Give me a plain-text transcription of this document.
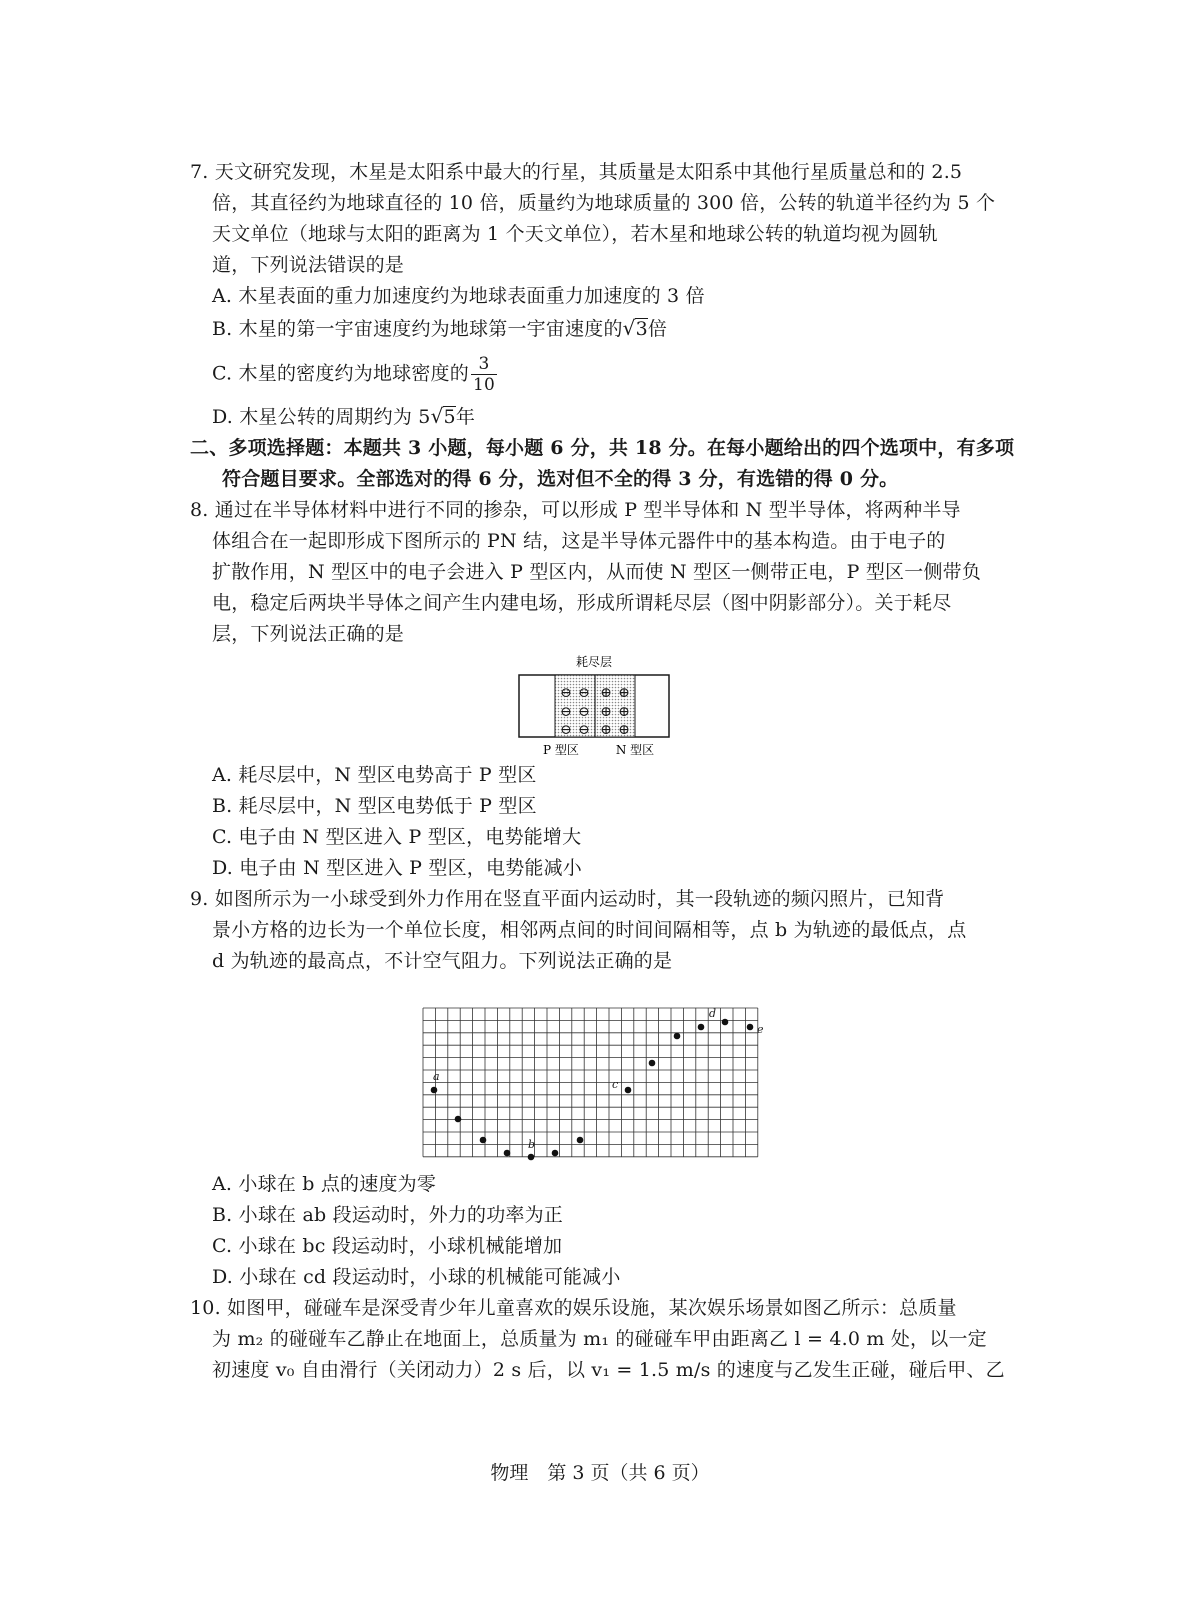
7. 天文研究发现，木星是太阳系中最大的行星，其质量是太阳系中其他行星质量总和的 2.5
倍，其直径约为地球直径的 10 倍，质量约为地球质量的 300 倍，公转的轨道半径约为 5 个
天文单位（地球与太阳的距离为 1 个天文单位），若木星和地球公转的轨道均视为圆轨
道，下列说法错误的是
A. 木星表面的重力加速度约为地球表面重力加速度的 3 倍
B. 木星的第一宇宙速度约为地球第一宇宙速度的√3倍
C. 木星的密度约为地球密度的 $\frac{3}{10}$
D. 木星公转的周期约为 5√5年
二、多项选择题：本题共 3 小题，每小题 6 分，共 18 分。在每小题给出的四个选项中，有多项
符合题目要求。全部选对的得 6 分，选对但不全的得 3 分，有选错的得 0 分。
8. 通过在半导体材料中进行不同的掺杂，可以形成 P 型半导体和 N 型半导体，将两种半导
体组合在一起即形成下图所示的 PN 结，这是半导体元器件中的基本构造。由于电子的
扩散作用，N 型区中的电子会进入 P 型区内，从而使 N 型区一侧带正电，P 型区一侧带负
电，稳定后两块半导体之间产生内建电场，形成所谓耗尽层（图中阴影部分）。关于耗尽
层，下列说法正确的是
耗尽层
⊖ ⊖ ⊕ ⊕
⊖ ⊖ ⊕ ⊕
⊖ ⊖ ⊕ ⊕
P 型区	N 型区
A. 耗尽层中，N 型区电势高于 P 型区
B. 耗尽层中，N 型区电势低于 P 型区
C. 电子由 N 型区进入 P 型区，电势能增大
D. 电子由 N 型区进入 P 型区，电势能减小
9. 如图所示为一小球受到外力作用在竖直平面内运动时，其一段轨迹的频闪照片，已知背
景小方格的边长为一个单位长度，相邻两点间的时间间隔相等，点 b 为轨迹的最低点，点
d 为轨迹的最高点，不计空气阻力。下列说法正确的是
a
b
c
d
e
A. 小球在 b 点的速度为零
B. 小球在 ab 段运动时，外力的功率为正
C. 小球在 bc 段运动时，小球机械能增加
D. 小球在 cd 段运动时，小球的机械能可能减小
10. 如图甲，碰碰车是深受青少年儿童喜欢的娱乐设施，某次娱乐场景如图乙所示：总质量
为 m₂ 的碰碰车乙静止在地面上，总质量为 m₁ 的碰碰车甲由距离乙 l = 4.0 m 处，以一定
初速度 v₀ 自由滑行（关闭动力）2 s 后，以 v₁ = 1.5 m/s 的速度与乙发生正碰，碰后甲、乙
物理　第 3 页（共 6 页）
